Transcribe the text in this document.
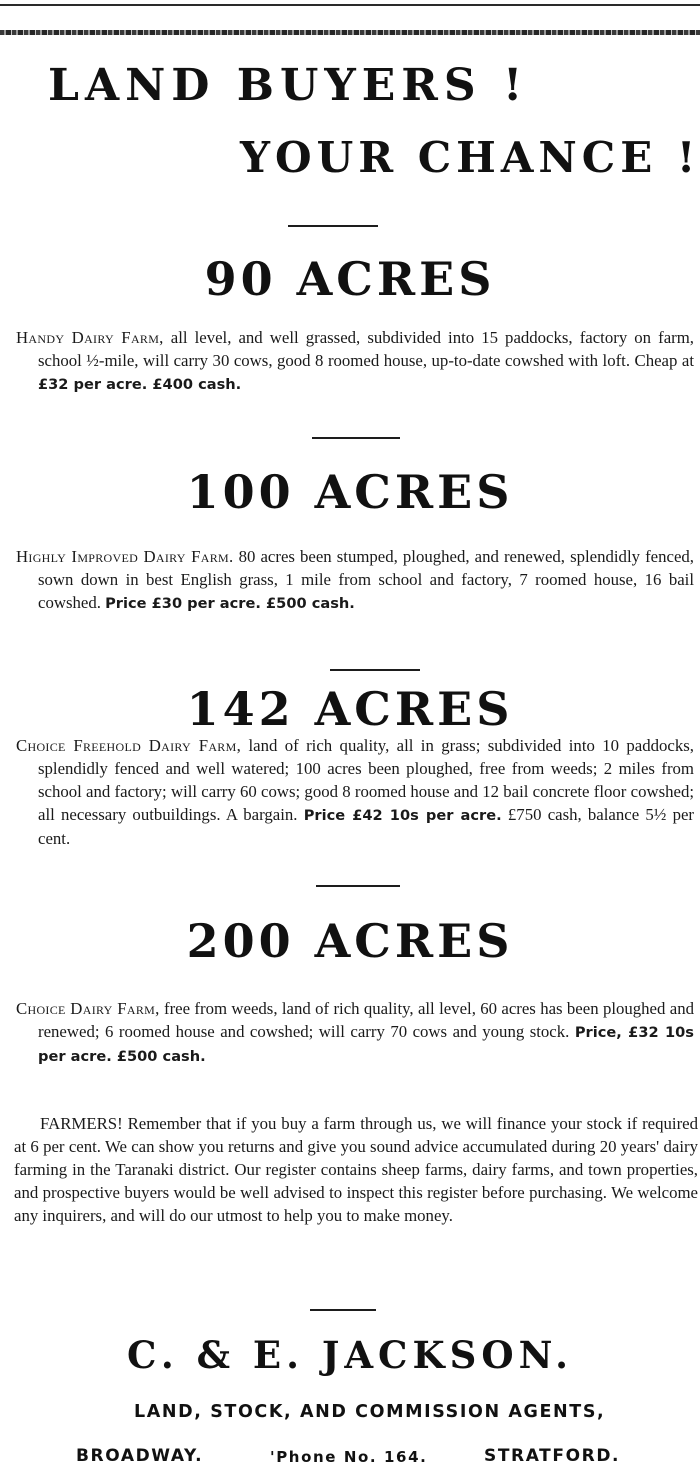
LAND BUYERS !
YOUR CHANCE !
90 ACRES

Handy Dairy Farm, all level, and well grassed, subdivided into 15 paddocks, factory on farm, school ½-mile, will carry 30 cows, good 8 roomed house, up-to-date cowshed with loft. Cheap at £32 per acre. £400 cash.

100 ACRES

Highly Improved Dairy Farm. 80 acres been stumped, ploughed, and renewed, splendidly fenced, sown down in best English grass, 1 mile from school and factory, 7 roomed house, 16 bail cowshed. Price £30 per acre. £500 cash.

142 ACRES

Choice Freehold Dairy Farm, land of rich quality, all in grass; subdivided into 10 paddocks, splendidly fenced and well watered; 100 acres been ploughed, free from weeds; 2 miles from school and factory; will carry 60 cows; good 8 roomed house and 12 bail concrete floor cowshed; all necessary outbuildings. A bargain. Price £42 10s per acre. £750 cash, balance 5½ per cent.

200 ACRES

Choice Dairy Farm, free from weeds, land of rich quality, all level, 60 acres has been ploughed and renewed; 6 roomed house and cowshed; will carry 70 cows and young stock. Price, £32 10s per acre. £500 cash.

FARMERS! Remember that if you buy a farm through us, we will finance your stock if required at 6 per cent. We can show you returns and give you sound advice accumulated during 20 years' dairy farming in the Taranaki district. Our register contains sheep farms, dairy farms, and town properties, and prospective buyers would be well advised to inspect this register before purchasing. We welcome any inquirers, and will do our utmost to help you to make money.

C. & E. JACKSON.

LAND, STOCK, AND COMMISSION AGENTS,

BROADWAY.	'Phone No. 164.	STRATFORD.
